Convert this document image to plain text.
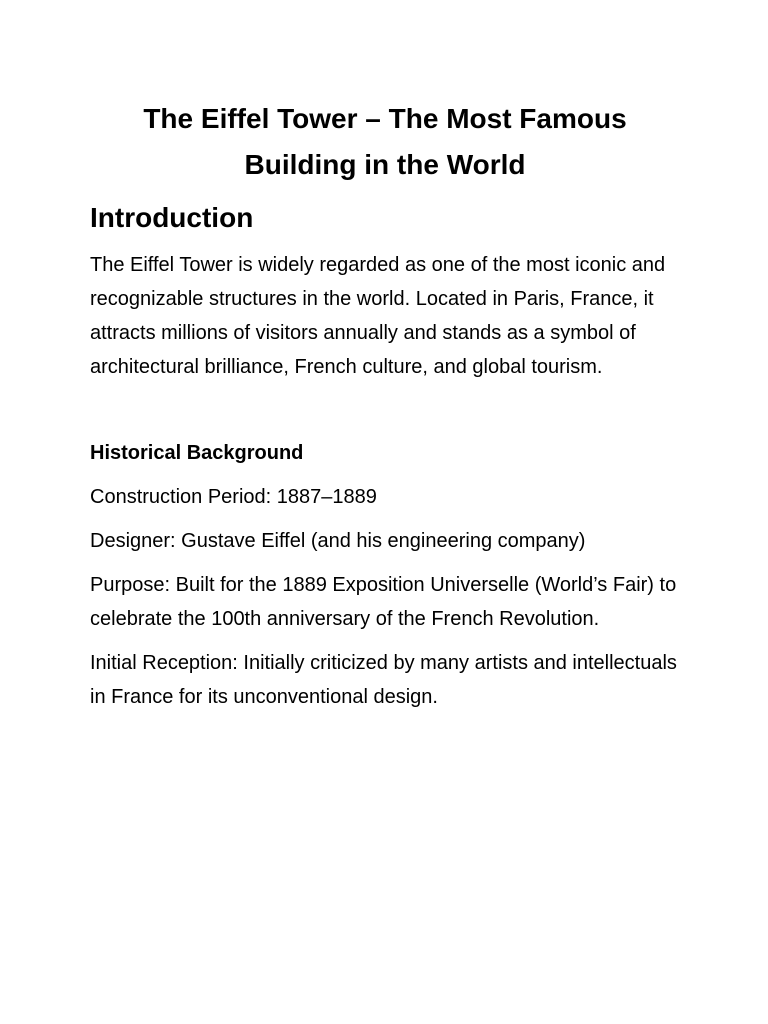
The Eiffel Tower – The Most Famous Building in the World
Introduction

The Eiffel Tower is widely regarded as one of the most iconic and recognizable structures in the world. Located in Paris, France, it attracts millions of visitors annually and stands as a symbol of architectural brilliance, French culture, and global tourism.

Historical Background

Construction Period: 1887–1889

Designer: Gustave Eiffel (and his engineering company)

Purpose: Built for the 1889 Exposition Universelle (World’s Fair) to celebrate the 100th anniversary of the French Revolution.

Initial Reception: Initially criticized by many artists and intellectuals in France for its unconventional design.
